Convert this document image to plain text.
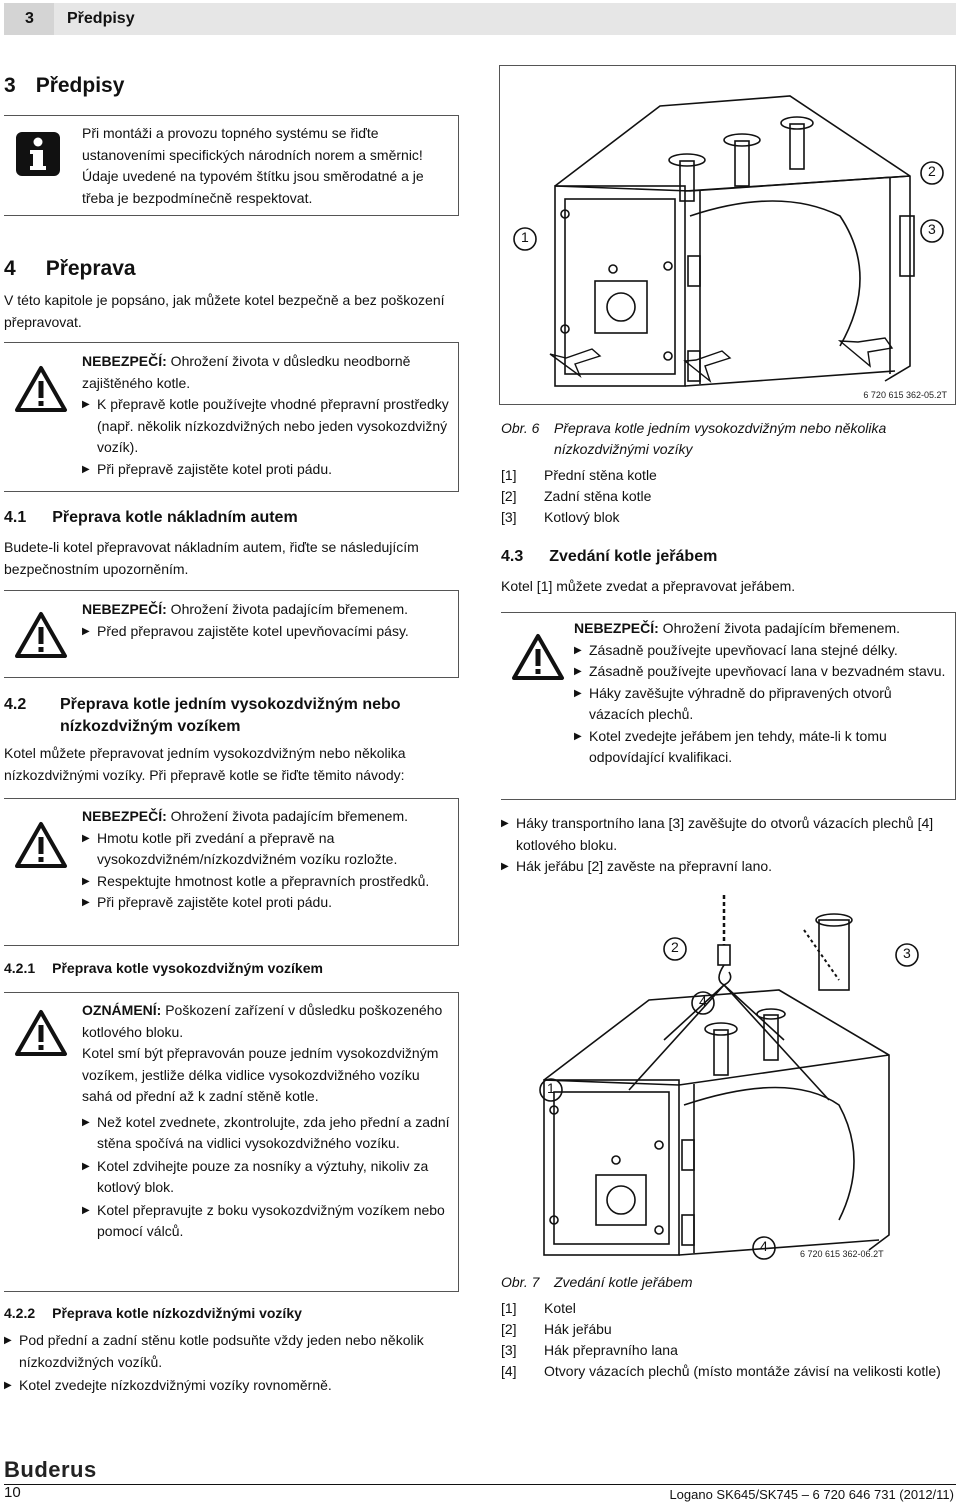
3 Předpisy
3 Předpisy
Při montáži a provozu topného systému se řiďte ustanoveními specifických národních norem a směrnic! Údaje uvedené na typovém štítku jsou směrodatné a je třeba je bezpodmínečně respektovat.
4 Přeprava
V této kapitole je popsáno, jak můžete kotel bezpečně a bez poškození přepravovat.

NEBEZPEČÍ: Ohrožení života v důsledku neodborně zajištěného kotle.

▶ K přepravě kotle používejte vhodné přepravní prostředky (např. několik nízkozdvižných nebo jeden vysokozdvižný vozík).

▶ Při přepravě zajistěte kotel proti pádu.

4.1 Přeprava kotle nákladním autem
Budete-li kotel přepravovat nákladním autem, řiďte se následujícím bezpečnostním upozorněním.

NEBEZPEČÍ: Ohrožení života padajícím břemenem.

▶ Před přepravou zajistěte kotel upevňovacími pásy.

4.2 Přeprava kotle jedním vysokozdvižným nebo nízkozdvižným vozíkem
Kotel můžete přepravovat jedním vysokozdvižným nebo několika nízkozdvižnými vozíky. Při přepravě kotle se řiďte těmito návody:

NEBEZPEČÍ: Ohrožení života padajícím břemenem.

▶ Hmotu kotle při zvedání a přepravě na vysokozdvižném/nízkozdvižném vozíku rozložte.

▶ Respektujte hmotnost kotle a přepravních prostředků.

▶ Při přepravě zajistěte kotel proti pádu.

4.2.1 Přeprava kotle vysokozdvižným vozíkem

OZNÁMENÍ: Poškození zařízení v důsledku poškozeného kotlového bloku.

Kotel smí být přepravován pouze jedním vysokozdvižným vozíkem, jestliže délka vidlice vysokozdvižného vozíku sahá od přední až k zadní stěně kotle.

▶ Než kotel zvednete, zkontrolujte, zda jeho přední a zadní stěna spočívá na vidlici vysokozdvižného vozíku.

▶ Kotel zdvihejte pouze za nosníky a výztuhy, nikoliv za kotlový blok.

▶ Kotel přepravujte z boku vysokozdvižným vozíkem nebo pomocí válců.

4.2.2 Přeprava kotle nízkozdvižnými vozíky

▶ Pod přední a zadní stěnu kotle podsuňte vždy jeden nebo několik nízkozdvižných vozíků.

▶ Kotel zvedejte nízkozdvižnými vozíky rovnoměrně.

1
2
3
6 720 615 362-05.2T
Obr. 6 Přeprava kotle jedním vysokozdvižným nebo několika nízkozdvižnými vozíky
[1] Přední stěna kotle
[2] Zadní stěna kotle
[3] Kotlový blok
4.3 Zvedání kotle jeřábem
Kotel [1] můžete zvedat a přepravovat jeřábem.

NEBEZPEČÍ: Ohrožení života padajícím břemenem.

▶ Zásadně používejte upevňovací lana stejné délky.

▶ Zásadně používejte upevňovací lana v bezvadném stavu.

▶ Háky zavěšujte výhradně do připravených otvorů vázacích plechů.

▶ Kotel zvedejte jeřábem jen tehdy, máte-li k tomu odpovídající kvalifikaci.

▶ Háky transportního lana [3] zavěšujte do otvorů vázacích plechů [4] kotlového bloku.

▶ Hák jeřábu [2] zavěste na přepravní lano.

1
2	3
4
4	6 720 615 362-06.2T
Obr. 7 Zvedání kotle jeřábem
[1] Kotel
[2] Hák jeřábu
[3] Hák přepravního lana
[4] Otvory vázacích plechů (místo montáže závisí na velikosti kotle)
Buderus
10	Logano SK645/SK745 – 6 720 646 731 (2012/11)
